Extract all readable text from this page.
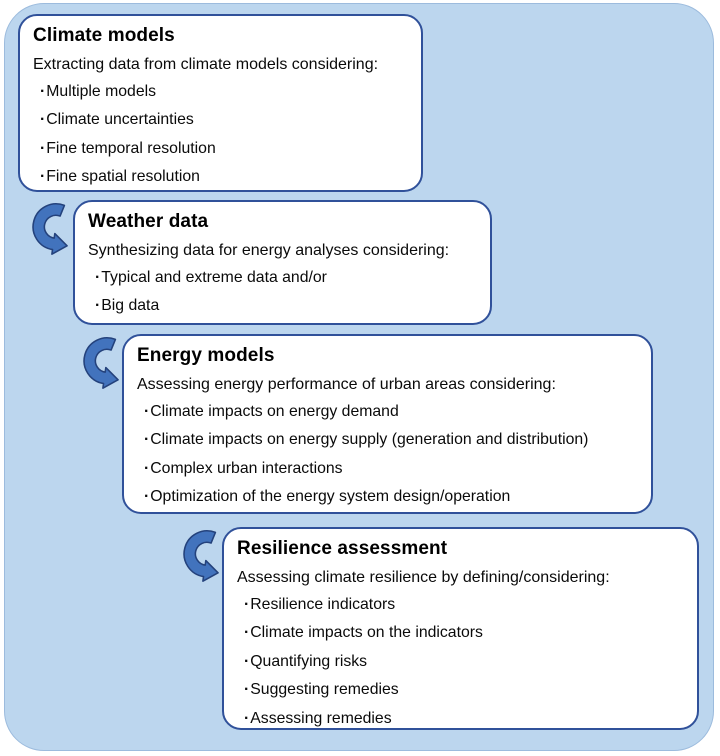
Climate models
Extracting data from climate models considering:
·Multiple models
·Climate uncertainties
·Fine temporal resolution
·Fine spatial resolution
Weather data
Synthesizing data for energy analyses considering:
·Typical and extreme data and/or
·Big data
Energy models
Assessing energy performance of urban areas considering:
·Climate impacts on energy demand
·Climate impacts on energy supply (generation and distribution)
·Complex urban interactions
·Optimization of the energy system design/operation
Resilience assessment
Assessing climate resilience by defining/considering:
·Resilience indicators
·Climate impacts on the indicators
·Quantifying risks
·Suggesting remedies
·Assessing remedies
